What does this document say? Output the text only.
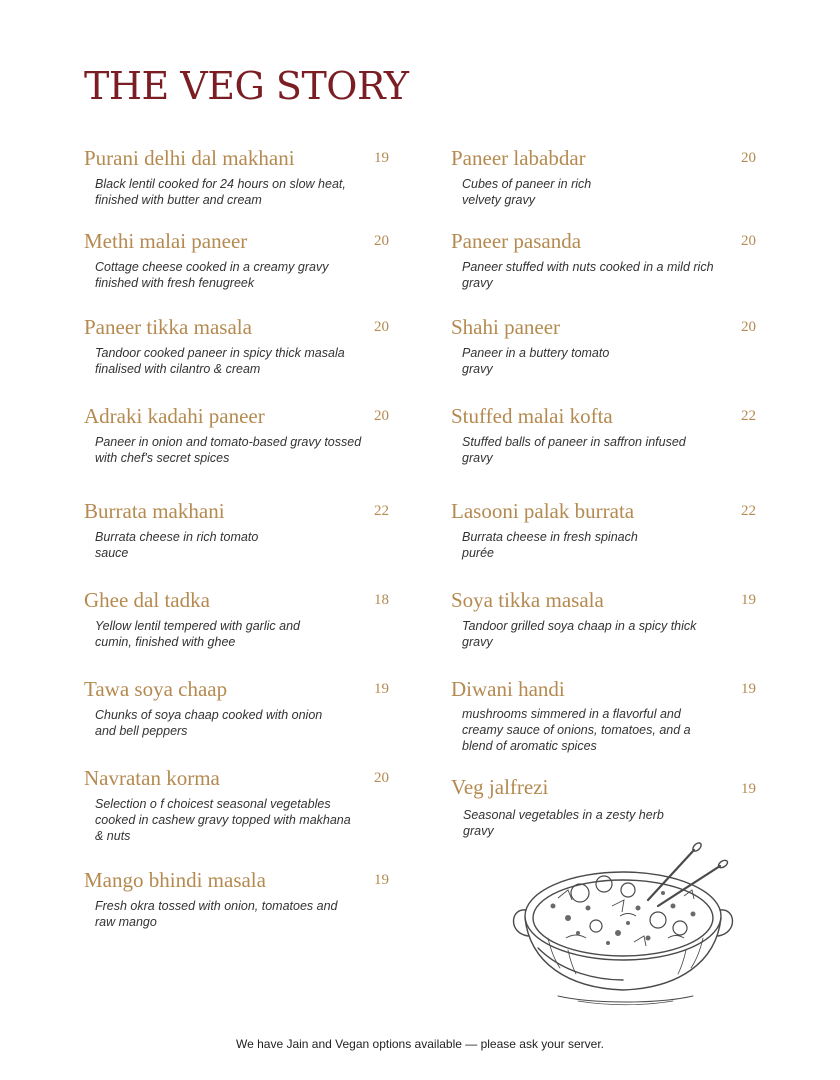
THE VEG STORY
Purani delhi dal makhani	19

Black lentil cooked for 24 hours on slow heat, finished with butter and cream

Methi malai paneer	20

Cottage cheese cooked in a creamy gravy finished with fresh fenugreek

Paneer tikka masala	20

Tandoor cooked paneer in spicy thick masala finalised with cilantro & cream

Adraki kadahi paneer	20

Paneer in onion and tomato-based gravy tossed with chef's secret spices

Burrata makhani	22

Burrata cheese in rich tomato sauce

Ghee dal tadka	18

Yellow lentil tempered with garlic and cumin, finished with ghee

Tawa soya chaap	19

Chunks of soya chaap cooked with onion and bell peppers

Navratan korma	20

Selection o f choicest seasonal vegetables cooked in cashew gravy topped with makhana & nuts

Mango bhindi masala	19

Fresh okra tossed with onion, tomatoes and raw mango

Paneer lababdar	20

Cubes of paneer in rich velvety gravy

Paneer pasanda	20

Paneer stuffed with nuts cooked in a mild rich gravy

Shahi paneer	20

Paneer in a buttery tomato gravy

Stuffed malai kofta	22

Stuffed balls of paneer in saffron infused gravy

Lasooni palak burrata	22

Burrata cheese in fresh spinach purée

Soya tikka masala	19

Tandoor grilled soya chaap in a spicy thick gravy

Diwani handi	19

mushrooms simmered in a flavorful and creamy sauce of onions, tomatoes, and a blend of aromatic spices

Veg jalfrezi	19

Seasonal vegetables in a zesty herb gravy

We have Jain and Vegan options available — please ask your server.
